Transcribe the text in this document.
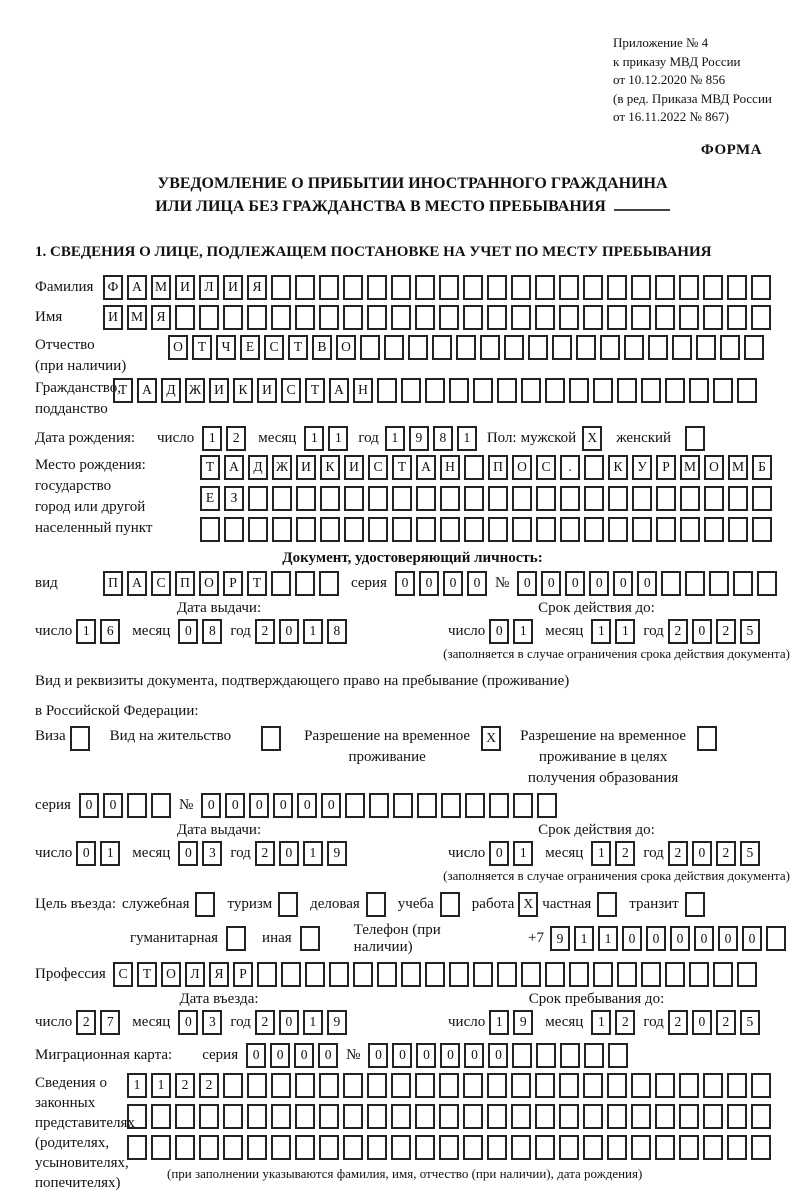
Приложение № 4
к приказу МВД России
от 10.12.2020 № 856
(в ред. Приказа МВД России
от 16.11.2022 № 867)
ФОРМА
УВЕДОМЛЕНИЕ О ПРИБЫТИИ ИНОСТРАННОГО ГРАЖДАНИНА
ИЛИ ЛИЦА БЕЗ ГРАЖДАНСТВА В МЕСТО ПРЕБЫВАНИЯ
1. СВЕДЕНИЯ О ЛИЦЕ, ПОДЛЕЖАЩЕМ ПОСТАНОВКЕ НА УЧЕТ ПО МЕСТУ ПРЕБЫВАНИЯ
Фамилия	Ф	А М И	Л	И	Я
Имя	И М Я
Отчество
(при наличии)
О	Т	Ч	Е	С	Т	В	О
Гражданство,
подданство
Т	А	Д Ж И	К	И	С	Т	А	Н
Дата рождения:	число	1	2	месяц	1	1	год 1	9	8	1	Пол: мужской X	женский
Место рождения:
государство
город или другой
населенный пункт
Т	А	Д Ж И	К	И	С	Т	А	Н	П	О	С	.	К	У	Р	М О М	Б
Е	З
Документ, удостоверяющий личность:
вид	П	А	С	П	О	Р	Т	серия	0	0	0	0 №	0	0	0	0	0	0
Дата выдачи:
число 1	6	месяц	0	8 год 2	0	1	8
Срок действия до:
число 0	1	месяц	1	1 год 2	0	2	5
(заполняется в случае ограничения срока действия документа)
Вид и реквизиты документа, подтверждающего право на пребывание (проживание)
в Российской Федерации:
Виза	Вид на жительство	Разрешение на временное
проживание
X	Разрешение на временное
проживание в целях
получения образования
серия	0	0	№	0	0	0	0	0	0
Дата выдачи:
число 0	1	месяц	0	3 год 2	0	1	9
Срок действия до:
число 0	1	месяц	1	2 год 2	0	2	5
(заполняется в случае ограничения срока действия документа)
Цель въезда: служебная	туризм	деловая	учеба	работа X частная	транзит
гуманитарная	иная
Телефон (при наличии)
+7 9	1	1	0	0	0	0	0	0
Профессия С	Т	О	Л	Я	Р
Дата въезда:
число 2	7	месяц	0	3 год 2	0	1	9
Срок пребывания до:
число 1	9	месяц	1	2 год 2	0	2	5
Миграционная карта: серия	0	0	0	0 №	0	0	0	0	0	0
Сведения о
законных
представителях
(родителях,
усыновителях,
попечителях)
1	1	2	2
(при заполнении указываются фамилия, имя, отчество (при наличии), дата рождения)
